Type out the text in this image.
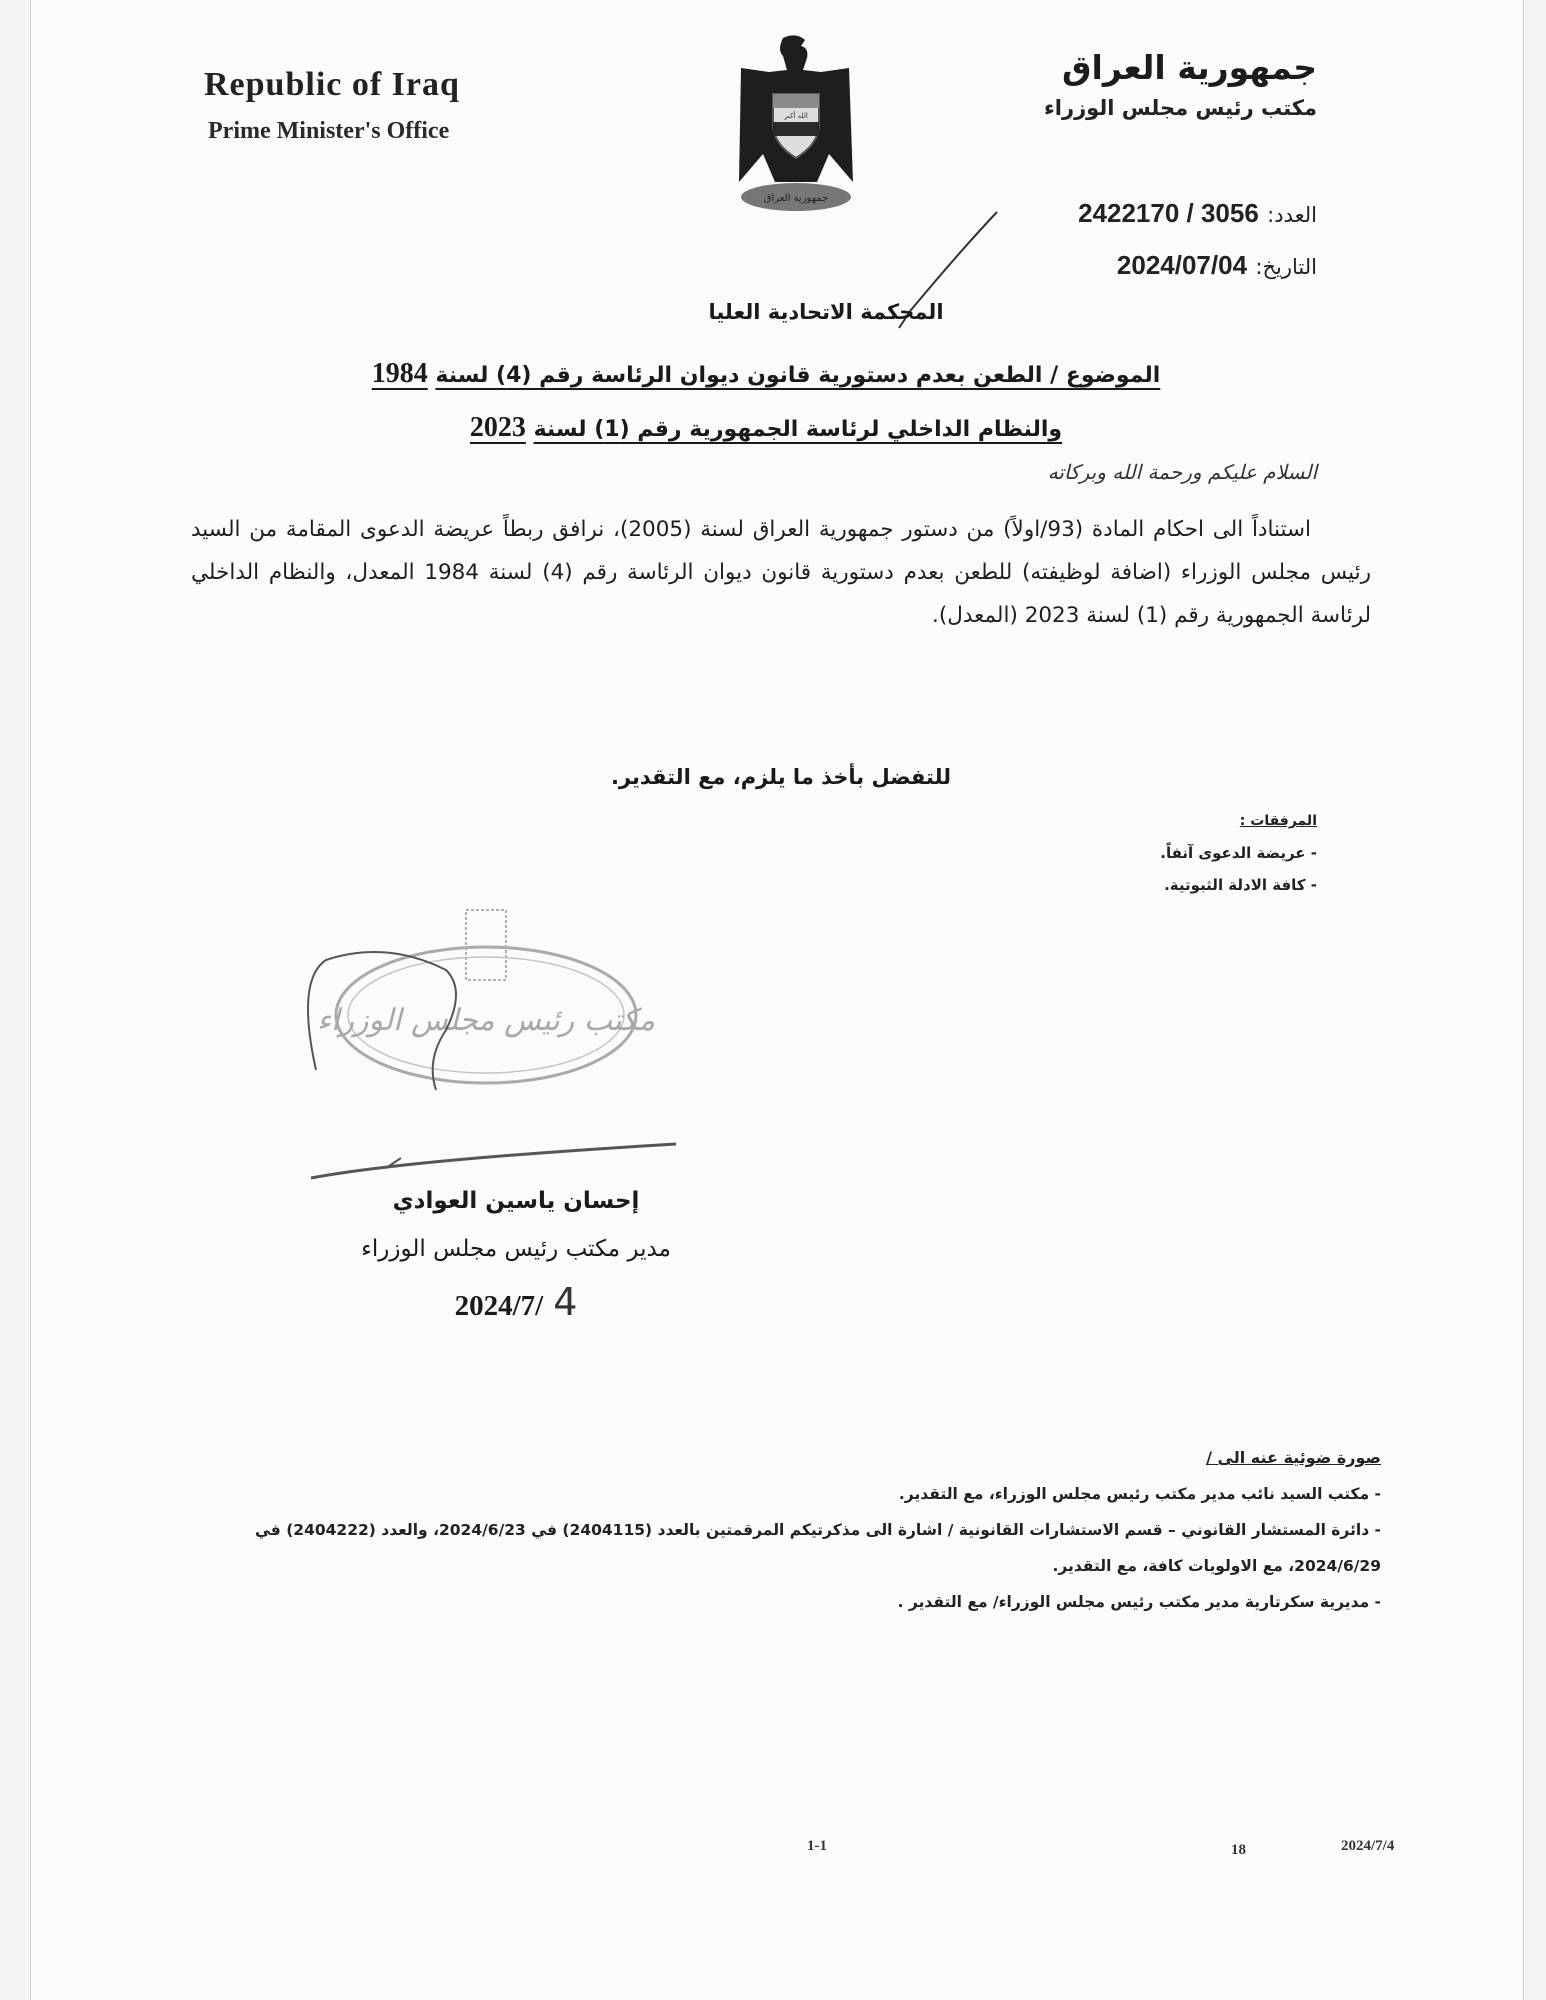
Republic of Iraq
Prime Minister's Office
الله أكبر
جمهورية العراق
جمهورية العراق
مكتب رئيس مجلس الوزراء
العدد: 2422170 / 3056
التاريخ: 2024/07/04
المحكمة الاتحادية العليا
الموضوع / الطعن بعدم دستورية قانون ديوان الرئاسة رقم (4) لسنة 1984
والنظام الداخلي لرئاسة الجمهورية رقم (1) لسنة 2023
السلام عليكم ورحمة الله وبركاته
استناداً الى احكام المادة (93/اولاً) من دستور جمهورية العراق لسنة (2005)، نرافق ربطاً عريضة الدعوى المقامة من السيد رئيس مجلس الوزراء (اضافة لوظيفته) للطعن بعدم دستورية قانون ديوان الرئاسة رقم (4) لسنة 1984 المعدل، والنظام الداخلي لرئاسة الجمهورية رقم (1) لسنة 2023 (المعدل).
للتفضل بأخذ ما يلزم، مع التقدير.
المرفقات :
- عريضة الدعوى آنفاً.
- كافة الادلة الثبوتية.
مكتب رئيس مجلس الوزراء
إحسان ياسين العوادي
مدير مكتب رئيس مجلس الوزراء
2024/7/ 4
صورة ضوئية عنه الى /
- مكتب السيد نائب مدير مكتب رئيس مجلس الوزراء، مع التقدير.
- دائرة المستشار القانوني – قسم الاستشارات القانونية / اشارة الى مذكرتيكم المرقمتين بالعدد (2404115) في 2024/6/23، والعدد (2404222) في 2024/6/29، مع الاولويات كافة، مع التقدير.
- مديرية سكرتارية مدير مكتب رئيس مجلس الوزراء/ مع التقدير .
1-1	18	2024/7/4
